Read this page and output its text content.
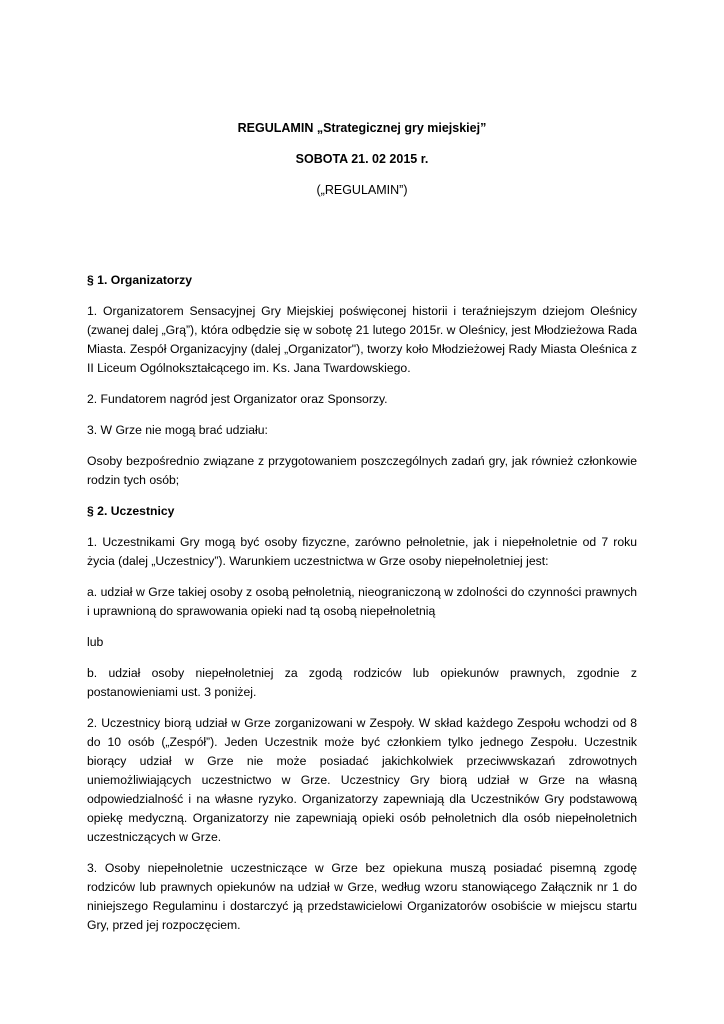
REGULAMIN „Strategicznej gry miejskiej”
SOBOTA 21. 02 2015 r.
(„REGULAMIN”)

§ 1. Organizatorzy

1. Organizatorem Sensacyjnej Gry Miejskiej poświęconej historii i teraźniejszym dziejom Oleśnicy (zwanej dalej „Grą”), która odbędzie się w sobotę 21 lutego 2015r. w Oleśnicy, jest Młodzieżowa Rada Miasta. Zespół Organizacyjny (dalej „Organizator"), tworzy koło Młodzieżowej Rady Miasta Oleśnica z II Liceum Ogólnokształcącego im. Ks. Jana Twardowskiego.

2. Fundatorem nagród jest Organizator oraz Sponsorzy.

3. W Grze nie mogą brać udziału:

Osoby bezpośrednio związane z przygotowaniem poszczególnych zadań gry, jak również członkowie rodzin tych osób;

§ 2. Uczestnicy

1. Uczestnikami Gry mogą być osoby fizyczne, zarówno pełnoletnie, jak i niepełnoletnie od 7 roku życia (dalej „Uczestnicy”). Warunkiem uczestnictwa w Grze osoby niepełnoletniej jest:

a. udział w Grze takiej osoby z osobą pełnoletnią, nieograniczoną w zdolności do czynności prawnych i uprawnioną do sprawowania opieki nad tą osobą niepełnoletnią

lub

b. udział osoby niepełnoletniej za zgodą rodziców lub opiekunów prawnych, zgodnie z postanowieniami ust. 3 poniżej.

2. Uczestnicy biorą udział w Grze zorganizowani w Zespoły. W skład każdego Zespołu wchodzi od 8 do 10 osób („Zespół”). Jeden Uczestnik może być członkiem tylko jednego Zespołu. Uczestnik biorący udział w Grze nie może posiadać jakichkolwiek przeciwwskazań zdrowotnych uniemożliwiających uczestnictwo w Grze. Uczestnicy Gry biorą udział w Grze na własną odpowiedzialność i na własne ryzyko. Organizatorzy zapewniają dla Uczestników Gry podstawową opiekę medyczną. Organizatorzy nie zapewniają opieki osób pełnoletnich dla osób niepełnoletnich uczestniczących w Grze.

3. Osoby niepełnoletnie uczestniczące w Grze bez opiekuna muszą posiadać pisemną zgodę rodziców lub prawnych opiekunów na udział w Grze, według wzoru stanowiącego Załącznik nr 1 do niniejszego Regulaminu i dostarczyć ją przedstawicielowi Organizatorów osobiście w miejscu startu Gry, przed jej rozpoczęciem.
